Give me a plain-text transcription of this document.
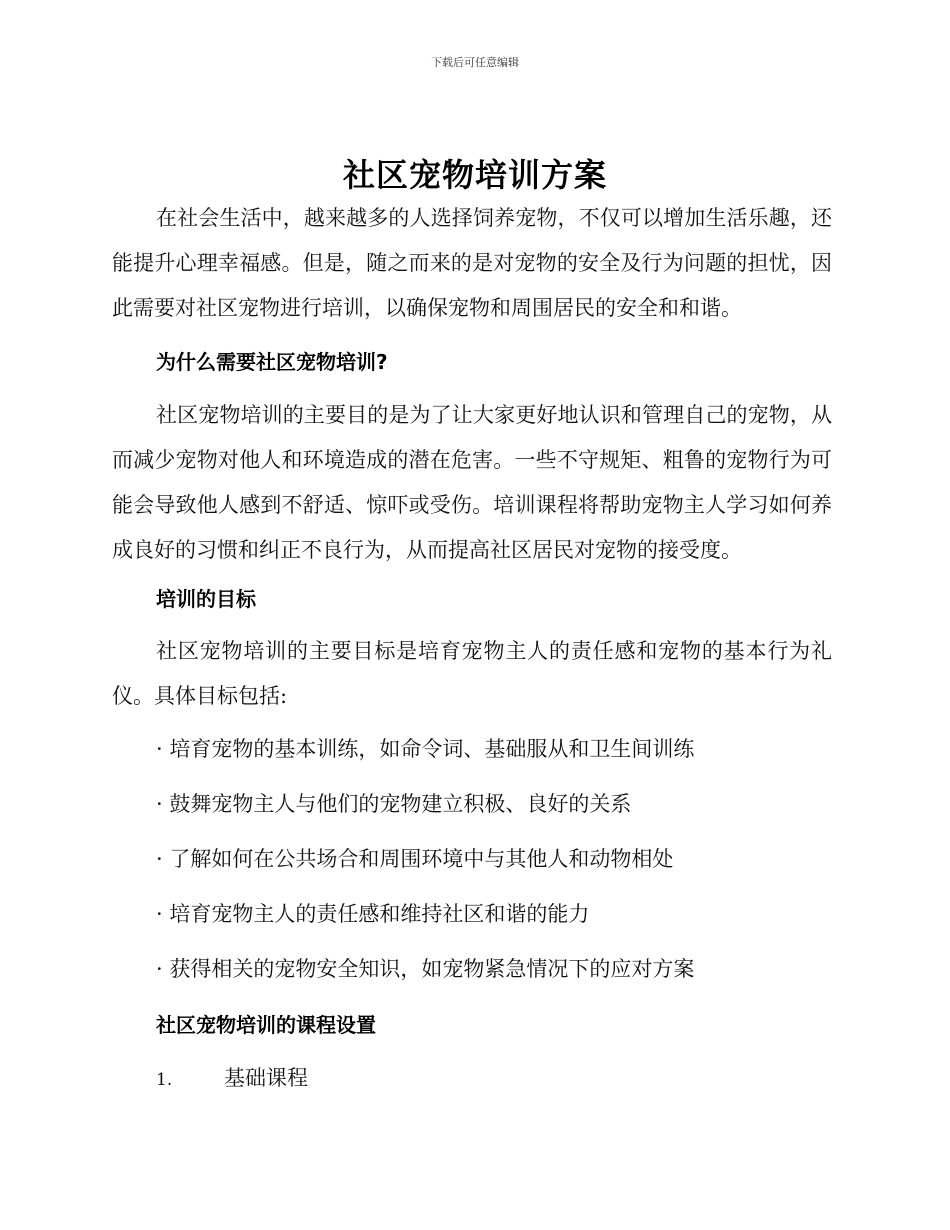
下载后可任意编辑
社区宠物培训方案
在社会生活中，越来越多的人选择饲养宠物，不仅可以增加生活乐趣，还能提升心理幸福感。但是，随之而来的是对宠物的安全及行为问题的担忧，因此需要对社区宠物进行培训，以确保宠物和周围居民的安全和和谐。
为什么需要社区宠物培训?
社区宠物培训的主要目的是为了让大家更好地认识和管理自己的宠物，从而减少宠物对他人和环境造成的潜在危害。一些不守规矩、粗鲁的宠物行为可能会导致他人感到不舒适、惊吓或受伤。培训课程将帮助宠物主人学习如何养成良好的习惯和纠正不良行为，从而提高社区居民对宠物的接受度。
培训的目标
社区宠物培训的主要目标是培育宠物主人的责任感和宠物的基本行为礼仪。具体目标包括:
· 培育宠物的基本训练，如命令词、基础服从和卫生间训练
· 鼓舞宠物主人与他们的宠物建立积极、良好的关系
· 了解如何在公共场合和周围环境中与其他人和动物相处
· 培育宠物主人的责任感和维持社区和谐的能力
· 获得相关的宠物安全知识，如宠物紧急情况下的应对方案
社区宠物培训的课程设置
1. 基础课程
